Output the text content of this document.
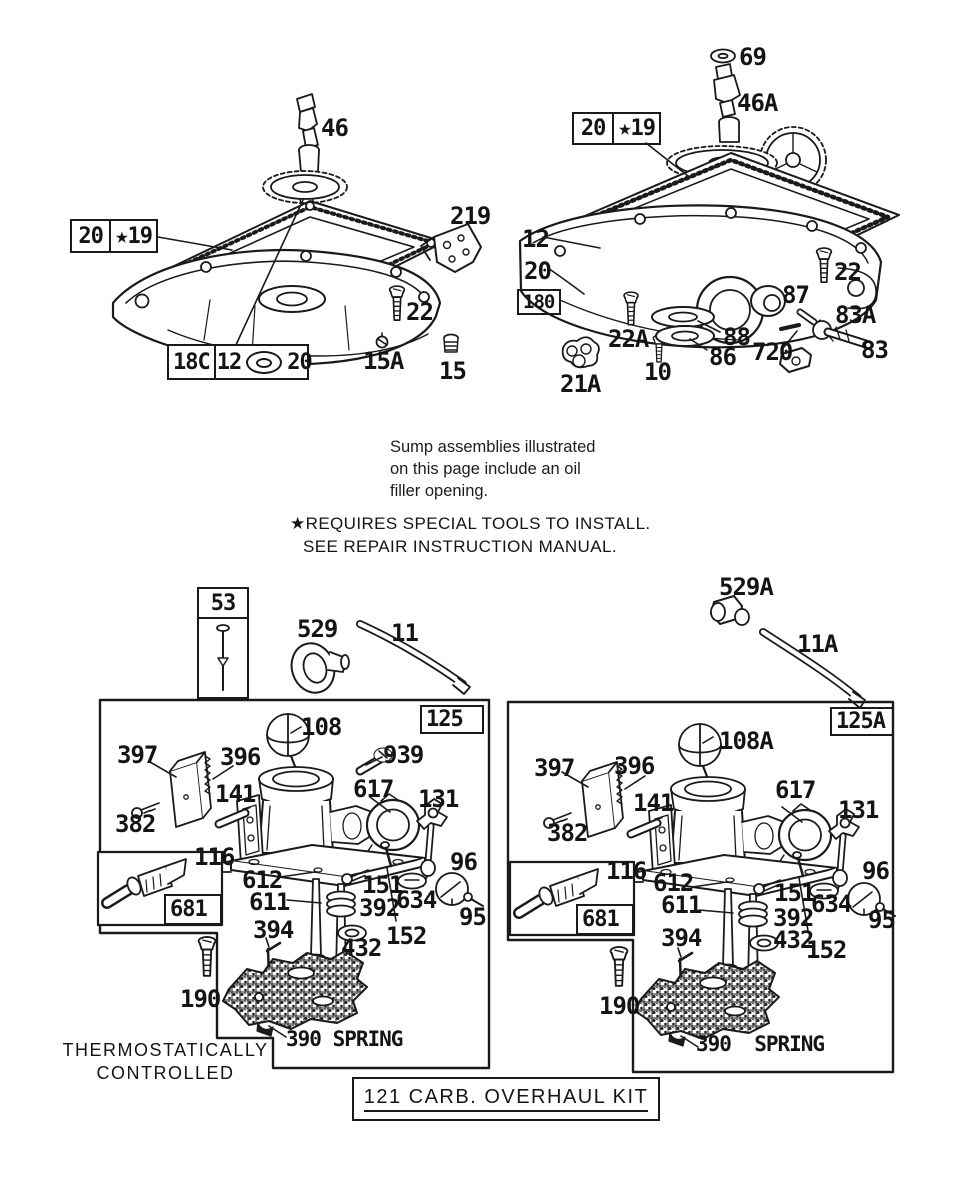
46
219
22
15A 15
69
46A
12
20	22
87
83A
88
22A
86 720	83
10
21A
529 11
529A
11A
108
397	396	939
141	617 131
382
116
612
611
151
392
634
96
95
152
432
394
190
390 SPRING
108A
397 396
141	617
131
382
116 612
611	151
392
634
96
95
152
432
394
190
390  SPRING
20 ★19
18C 12 20
20 ★19
180
53
125	125A
681	681
121 CARB. OVERHAUL KIT
Sump assemblies illustrated
on this page include an oil
filler opening.
★REQUIRES SPECIAL TOOLS TO INSTALL.
SEE REPAIR INSTRUCTION MANUAL.
THERMOSTATICALLY
CONTROLLED
